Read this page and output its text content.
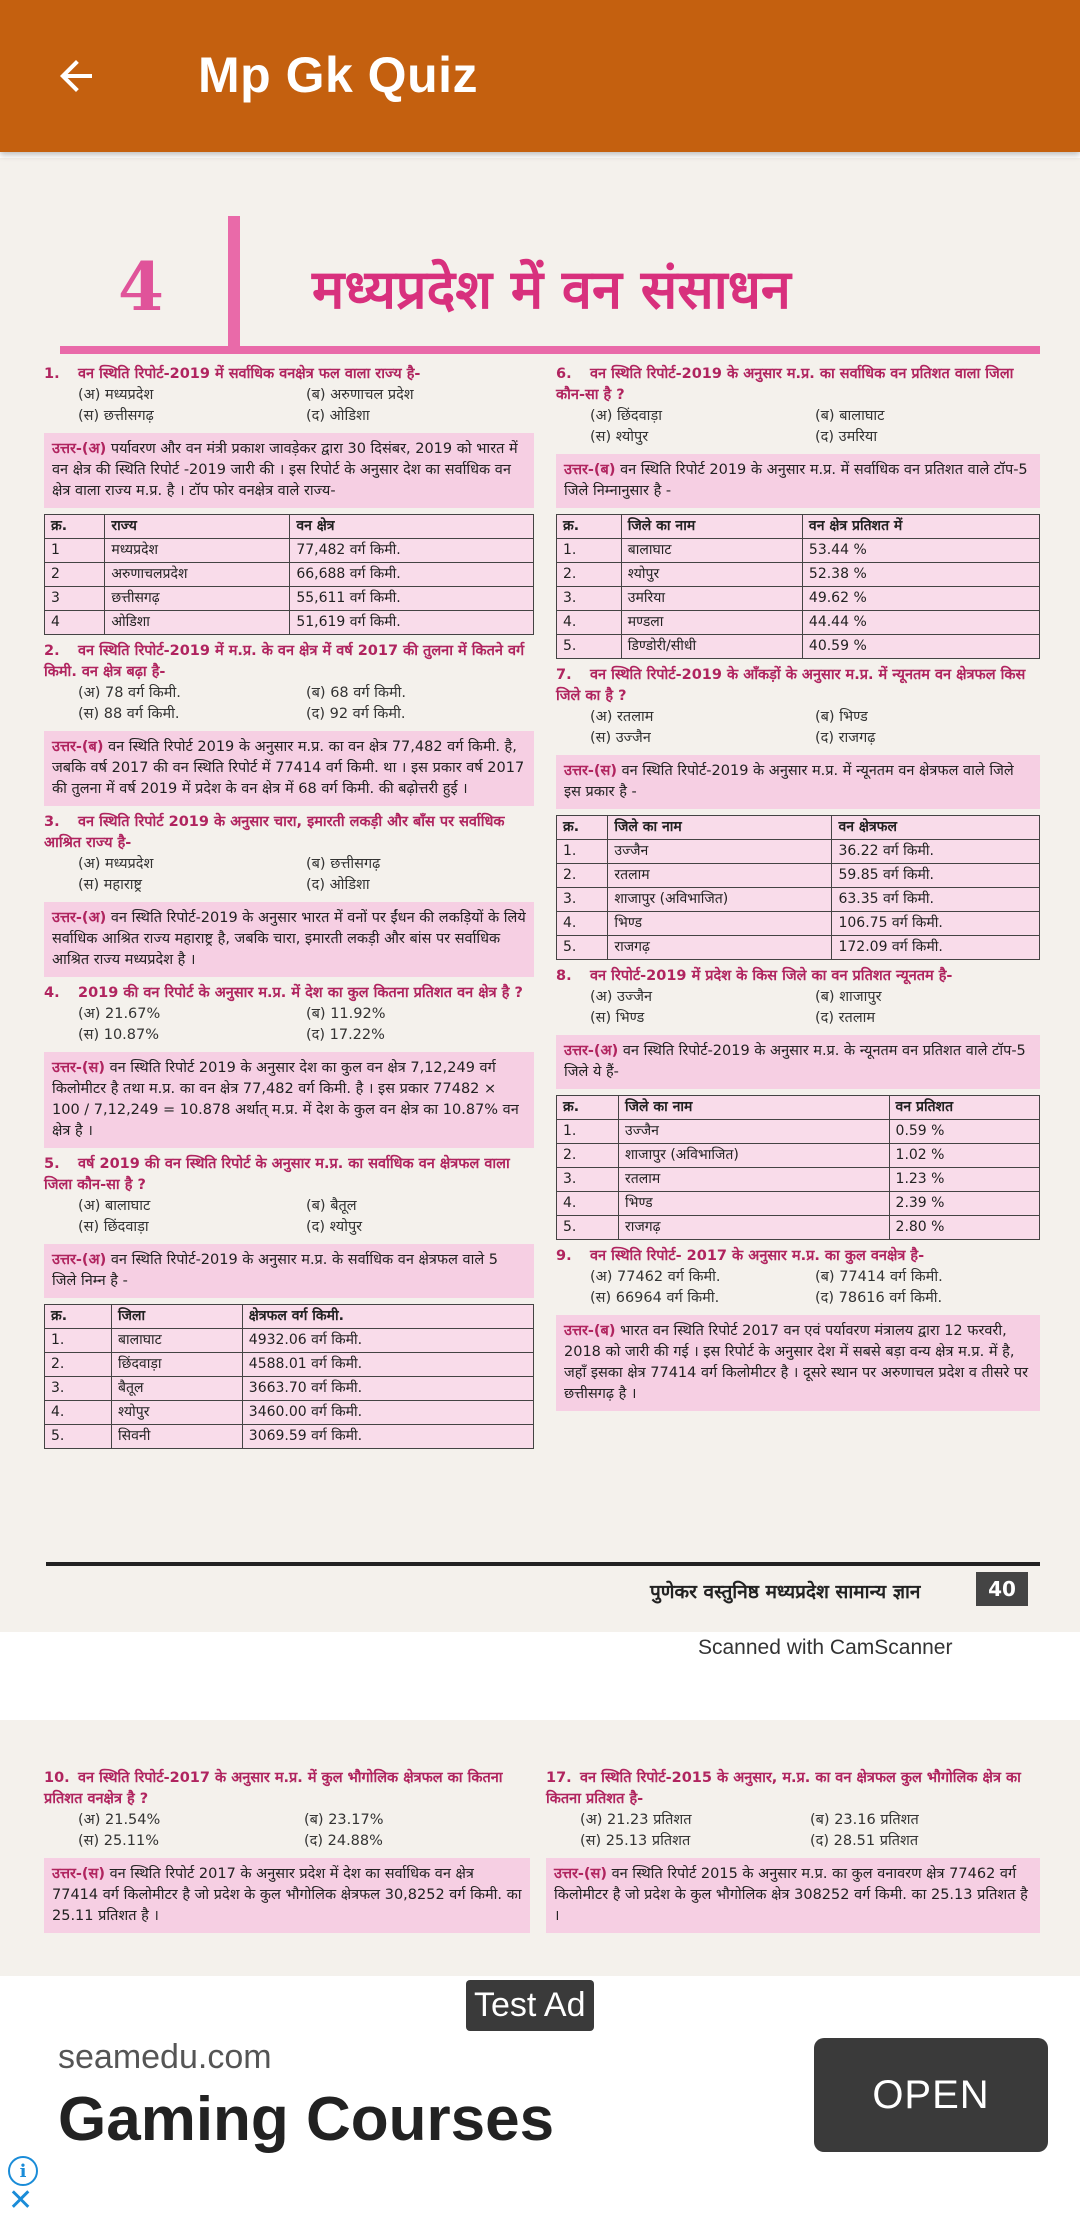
Mp Gk Quiz
4	मध्यप्रदेश में वन संसाधन
1. वन स्थिति रिपोर्ट-2019 में सर्वाधिक वनक्षेत्र फल वाला राज्य है-
(अ) मध्यप्रदेश	(ब) अरुणाचल प्रदेश
(स) छत्तीसगढ़	(द) ओडिशा
उत्तर-(अ) पर्यावरण और वन मंत्री प्रकाश जावड़ेकर द्वारा 30 दिसंबर, 2019 को भारत में वन क्षेत्र की स्थिति रिपोर्ट -2019 जारी की । इस रिपोर्ट के अनुसार देश का सर्वाधिक वन क्षेत्र वाला राज्य म.प्र. है । टॉप फोर वनक्षेत्र वाले राज्य-
क्र.	राज्य	वन क्षेत्र
1	मध्यप्रदेश	77,482 वर्ग किमी.
2	अरुणाचलप्रदेश	66,688 वर्ग किमी.
3	छत्तीसगढ़	55,611 वर्ग किमी.
4	ओडिशा	51,619 वर्ग किमी.
2. वन स्थिति रिपोर्ट-2019 में म.प्र. के वन क्षेत्र में वर्ष 2017 की तुलना में कितने वर्ग किमी. वन क्षेत्र बढ़ा है-
(अ) 78 वर्ग किमी.	(ब) 68 वर्ग किमी.
(स) 88 वर्ग किमी.	(द) 92 वर्ग किमी.
उत्तर-(ब) वन स्थिति रिपोर्ट 2019 के अनुसार म.प्र. का वन क्षेत्र 77,482 वर्ग किमी. है, जबकि वर्ष 2017 की वन स्थिति रिपोर्ट में 77414 वर्ग किमी. था । इस प्रकार वर्ष 2017 की तुलना में वर्ष 2019 में प्रदेश के वन क्षेत्र में 68 वर्ग किमी. की बढ़ोत्तरी हुई ।
3. वन स्थिति रिपोर्ट 2019 के अनुसार चारा, इमारती लकड़ी और बाँस पर सर्वाधिक आश्रित राज्य है-
(अ) मध्यप्रदेश	(ब) छत्तीसगढ़
(स) महाराष्ट्र	(द) ओडिशा
उत्तर-(अ) वन स्थिति रिपोर्ट-2019 के अनुसार भारत में वनों पर ईंधन की लकड़ियों के लिये सर्वाधिक आश्रित राज्य महाराष्ट्र है, जबकि चारा, इमारती लकड़ी और बांस पर सर्वाधिक आश्रित राज्य मध्यप्रदेश है ।
4. 2019 की वन रिपोर्ट के अनुसार म.प्र. में देश का कुल कितना प्रतिशत वन क्षेत्र है ?
(अ) 21.67%	(ब) 11.92%
(स) 10.87%	(द) 17.22%
उत्तर-(स) वन स्थिति रिपोर्ट 2019 के अनुसार देश का कुल वन क्षेत्र 7,12,249 वर्ग किलोमीटर है तथा म.प्र. का वन क्षेत्र 77,482 वर्ग किमी. है । इस प्रकार 77482 × 100 / 7,12,249 = 10.878 अर्थात् म.प्र. में देश के कुल वन क्षेत्र का 10.87% वन क्षेत्र है ।
5. वर्ष 2019 की वन स्थिति रिपोर्ट के अनुसार म.प्र. का सर्वाधिक वन क्षेत्रफल वाला जिला कौन-सा है ?
(अ) बालाघाट	(ब) बैतूल
(स) छिंदवाड़ा	(द) श्योपुर
उत्तर-(अ) वन स्थिति रिपोर्ट-2019 के अनुसार म.प्र. के सर्वाधिक वन क्षेत्रफल वाले 5 जिले निम्न है -
क्र.	जिला	क्षेत्रफल वर्ग किमी.
1.	बालाघाट	4932.06 वर्ग किमी.
2.	छिंदवाड़ा	4588.01 वर्ग किमी.
3.	बैतूल	3663.70 वर्ग किमी.
4.	श्योपुर	3460.00 वर्ग किमी.
5.	सिवनी	3069.59 वर्ग किमी.
6. वन स्थिति रिपोर्ट-2019 के अनुसार म.प्र. का सर्वाधिक वन प्रतिशत वाला जिला कौन-सा है ?
(अ) छिंदवाड़ा	(ब) बालाघाट
(स) श्योपुर	(द) उमरिया
उत्तर-(ब) वन स्थिति रिपोर्ट 2019 के अनुसार म.प्र. में सर्वाधिक वन प्रतिशत वाले टॉप-5 जिले निम्नानुसार है -
क्र.	जिले का नाम	वन क्षेत्र प्रतिशत में
1.	बालाघाट	53.44 %
2.	श्योपुर	52.38 %
3.	उमरिया	49.62 %
4.	मण्डला	44.44 %
5.	डिण्डोरी/सीधी	40.59 %
7. वन स्थिति रिपोर्ट-2019 के आँकड़ों के अनुसार म.प्र. में न्यूनतम वन क्षेत्रफल किस जिले का है ?
(अ) रतलाम	(ब) भिण्ड
(स) उज्जैन	(द) राजगढ़
उत्तर-(स) वन स्थिति रिपोर्ट-2019 के अनुसार म.प्र. में न्यूनतम वन क्षेत्रफल वाले जिले इस प्रकार है -
क्र.	जिले का नाम	वन क्षेत्रफल
1.	उज्जैन	36.22 वर्ग किमी.
2.	रतलाम	59.85 वर्ग किमी.
3.	शाजापुर (अविभाजित)	63.35 वर्ग किमी.
4.	भिण्ड	106.75 वर्ग किमी.
5.	राजगढ़	172.09 वर्ग किमी.
8. वन रिपोर्ट-2019 में प्रदेश के किस जिले का वन प्रतिशत न्यूनतम है-
(अ) उज्जैन	(ब) शाजापुर
(स) भिण्ड	(द) रतलाम
उत्तर-(अ) वन स्थिति रिपोर्ट-2019 के अनुसार म.प्र. के न्यूनतम वन प्रतिशत वाले टॉप-5 जिले ये हैं-
क्र.	जिले का नाम	वन प्रतिशत
1.	उज्जैन	0.59 %
2.	शाजापुर (अविभाजित)	1.02 %
3.	रतलाम	1.23 %
4.	भिण्ड	2.39 %
5.	राजगढ़	2.80 %
9. वन स्थिति रिपोर्ट- 2017 के अनुसार म.प्र. का कुल वनक्षेत्र है-
(अ) 77462 वर्ग किमी.	(ब) 77414 वर्ग किमी.
(स) 66964 वर्ग किमी.	(द) 78616 वर्ग किमी.
उत्तर-(ब) भारत वन स्थिति रिपोर्ट 2017 वन एवं पर्यावरण मंत्रालय द्वारा 12 फरवरी, 2018 को जारी की गई । इस रिपोर्ट के अनुसार देश में सबसे बड़ा वन्य क्षेत्र म.प्र. में है, जहाँ इसका क्षेत्र 77414 वर्ग किलोमीटर है । दूसरे स्थान पर अरुणाचल प्रदेश व तीसरे पर छत्तीसगढ़ है ।
पुणेकर वस्तुनिष्ठ मध्यप्रदेश सामान्य ज्ञान	40
Scanned with CamScanner
10. वन स्थिति रिपोर्ट-2017 के अनुसार म.प्र. में कुल भौगोलिक क्षेत्रफल का कितना प्रतिशत वनक्षेत्र है ?
(अ) 21.54%	(ब) 23.17%
(स) 25.11%	(द) 24.88%
उत्तर-(स) वन स्थिति रिपोर्ट 2017 के अनुसार प्रदेश में देश का सर्वाधिक वन क्षेत्र 77414 वर्ग किलोमीटर है जो प्रदेश के कुल भौगोलिक क्षेत्रफल 30,8252 वर्ग किमी. का 25.11 प्रतिशत है ।
17. वन स्थिति रिपोर्ट-2015 के अनुसार, म.प्र. का वन क्षेत्रफल कुल भौगोलिक क्षेत्र का कितना प्रतिशत है-
(अ) 21.23 प्रतिशत	(ब) 23.16 प्रतिशत
(स) 25.13 प्रतिशत	(द) 28.51 प्रतिशत
उत्तर-(स) वन स्थिति रिपोर्ट 2015 के अनुसार म.प्र. का कुल वनावरण क्षेत्र 77462 वर्ग किलोमीटर है जो प्रदेश के कुल भौगोलिक क्षेत्र 308252 वर्ग किमी. का 25.13 प्रतिशत है ।
Test Ad
seamedu.com
Gaming Courses	OPEN
i
✕
